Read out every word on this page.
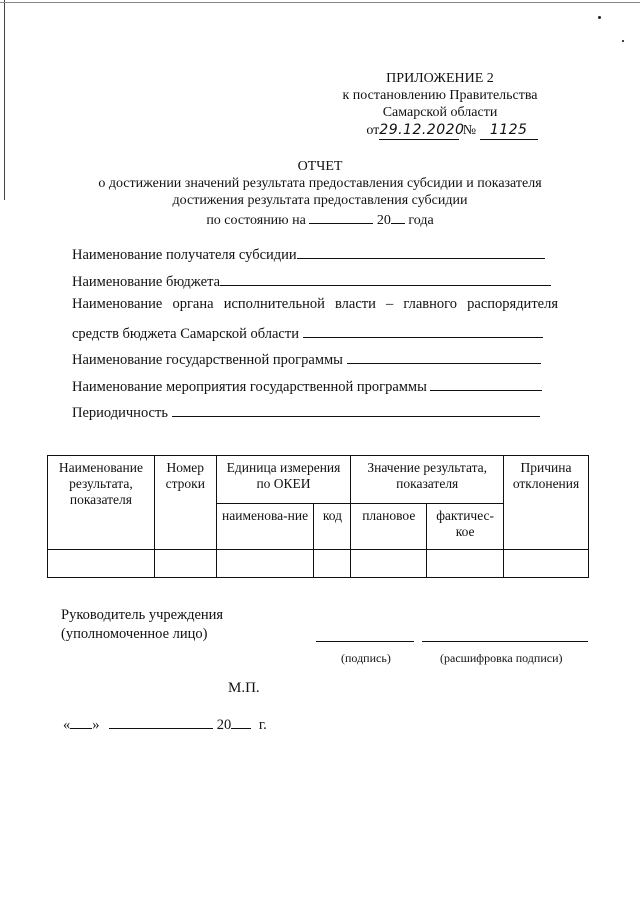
ПРИЛОЖЕНИЕ 2
к постановлению Правительства
Самарской области
от29.12.2020 № 1125
ОТЧЕТ
о достижении значений результата предоставления субсидии и показателя
достижения результата предоставления субсидии
по состоянию на	20 года
Наименование получателя субсидии
Наименование бюджета
Наименование органа исполнительной власти – главного распорядителя
средств бюджета Самарской области
Наименование государственной программы
Наименование мероприятия государственной программы
Периодичность
Наименование результата, показателя	Номер строки	Единица измерения по ОКЕИ		Значение результата, показателя		Причина отклонения
		наименова-ние	код	плановое	фактичес-кое	

Руководитель учреждения
(уполномоченное лицо)
(подпись)	(расшифровка подписи)
М.П.
« »	20 г.
